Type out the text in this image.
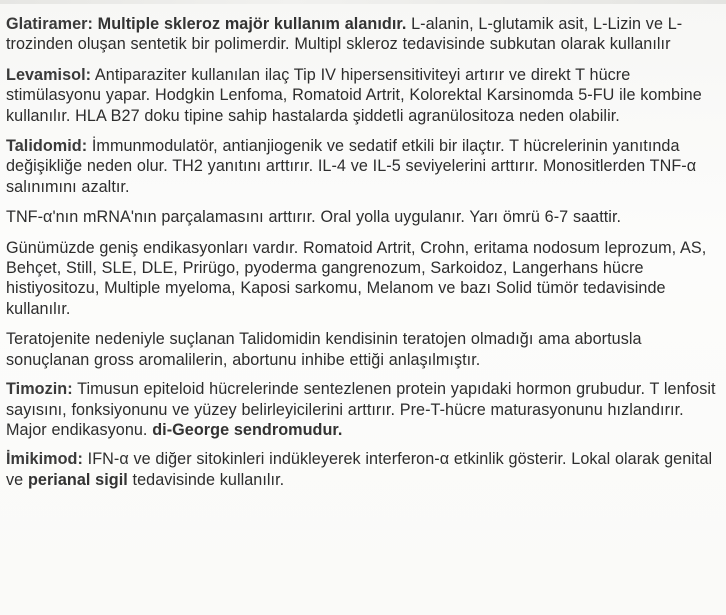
Glatiramer: Multiple skleroz majör kullanım alanıdır. L-alanin, L-glutamik asit, L-Lizin ve L-trozinden oluşan sentetik bir polimerdir. Multipl skleroz tedavisinde subkutan olarak kullanılır

Levamisol: Antiparaziter kullanılan ilaç Tip IV hipersensitiviteyi artırır ve direkt T hücre stimülasyonu yapar. Hodgkin Lenfoma, Romatoid Artrit, Kolorektal Karsinomda 5-FU ile kombine kullanılır. HLA B27 doku tipine sahip hastalarda şiddetli agranülositoza neden olabilir.

Talidomid: İmmunmodulatör, antianjiogenik ve sedatif etkili bir ilaçtır. T hücrelerinin yanıtında değişikliğe neden olur. TH2 yanıtını arttırır. IL-4 ve IL-5 seviyelerini arttırır. Monositlerden TNF-α salınımını azaltır.

TNF-α'nın mRNA'nın parçalamasını arttırır. Oral yolla uygulanır. Yarı ömrü 6-7 saattir.

Günümüzde geniş endikasyonları vardır. Romatoid Artrit, Crohn, eritama nodosum leprozum, AS, Behçet, Still, SLE, DLE, Prirügo, pyoderma gangrenozum, Sarkoidoz, Langerhans hücre histiyositozu, Multiple myeloma, Kaposi sarkomu, Melanom ve bazı Solid tümör tedavisinde kullanılır.

Teratojenite nedeniyle suçlanan Talidomidin kendisinin teratojen olmadığı ama abortusla sonuçlanan gross aromalilerin, abortunu inhibe ettiği anlaşılmıştır.

Timozin: Timusun epiteloid hücrelerinde sentezlenen protein yapıdaki hormon grubudur. T lenfosit sayısını, fonksiyonunu ve yüzey belirleyicilerini arttırır. Pre-T-hücre maturasyonunu hızlandırır. Major endikasyonu. di-George sendromudur.

İmikimod: IFN-α ve diğer sitokinleri indükleyerek interferon-α etkinlik gösterir. Lokal olarak genital ve perianal sigil tedavisinde kullanılır.
